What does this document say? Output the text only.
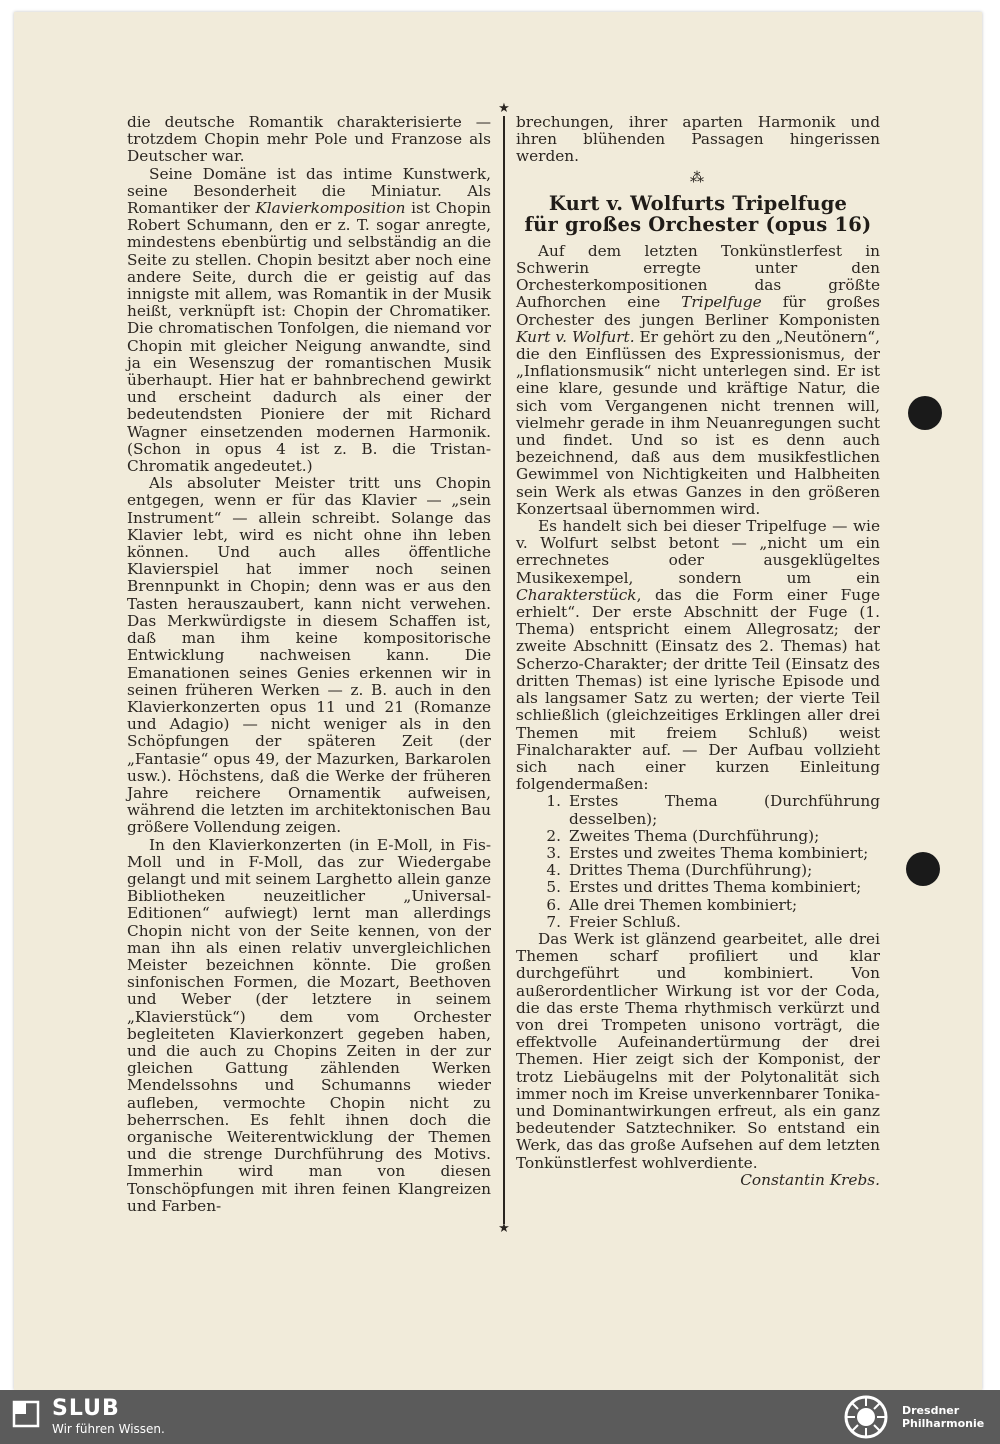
die deutsche Romantik charakterisierte — trotzdem Chopin mehr Pole und Franzose als Deutscher war.

Seine Domäne ist das intime Kunstwerk, seine Besonderheit die Miniatur. Als Romantiker der Klavierkomposition ist Chopin Robert Schumann, den er z. T. sogar anregte, mindestens ebenbürtig und selbständig an die Seite zu stellen. Chopin besitzt aber noch eine andere Seite, durch die er geistig auf das innigste mit allem, was Romantik in der Musik heißt, verknüpft ist: Chopin der Chromatiker. Die chromatischen Tonfolgen, die niemand vor Chopin mit gleicher Neigung anwandte, sind ja ein Wesenszug der romantischen Musik überhaupt. Hier hat er bahnbrechend gewirkt und erscheint dadurch als einer der bedeutendsten Pioniere der mit Richard Wagner einsetzenden modernen Harmonik. (Schon in opus 4 ist z. B. die Tristan-Chromatik angedeutet.)

Als absoluter Meister tritt uns Chopin entgegen, wenn er für das Klavier — „sein Instrument“ — allein schreibt. Solange das Klavier lebt, wird es nicht ohne ihn leben können. Und auch alles öffentliche Klavierspiel hat immer noch seinen Brennpunkt in Chopin; denn was er aus den Tasten herauszaubert, kann nicht verwehen. Das Merkwürdigste in diesem Schaffen ist, daß man ihm keine kompositorische Entwicklung nachweisen kann. Die Emanationen seines Genies erkennen wir in seinen früheren Werken — z. B. auch in den Klavierkonzerten opus 11 und 21 (Romanze und Adagio) — nicht weniger als in den Schöpfungen der späteren Zeit (der „Fantasie“ opus 49, der Mazurken, Barkarolen usw.). Höchstens, daß die Werke der früheren Jahre reichere Ornamentik aufweisen, während die letzten im architektonischen Bau größere Vollendung zeigen.

In den Klavierkonzerten (in E-Moll, in Fis-Moll und in F-Moll, das zur Wiedergabe gelangt und mit seinem Larghetto allein ganze Bibliotheken neuzeitlicher „Universal-Editionen“ aufwiegt) lernt man allerdings Chopin nicht von der Seite kennen, von der man ihn als einen relativ unvergleichlichen Meister bezeichnen könnte. Die großen sinfonischen Formen, die Mozart, Beethoven und Weber (der letztere in seinem „Klavierstück“) dem vom Orchester begleiteten Klavierkonzert gegeben haben, und die auch zu Chopins Zeiten in der zur gleichen Gattung zählenden Werken Mendelssohns und Schumanns wieder aufleben, vermochte Chopin nicht zu beherrschen. Es fehlt ihnen doch die organische Weiterentwicklung der Themen und die strenge Durchführung des Motivs. Immerhin wird man von diesen Tonschöpfungen mit ihren feinen Klangreizen und Farben-

★
★

brechungen, ihrer aparten Harmonik und ihren blühenden Passagen hingerissen werden.

⁂
Kurt v. Wolfurts Tripelfuge
für großes Orchester (opus 16)

Auf dem letzten Tonkünstlerfest in Schwerin erregte unter den Orchesterkompositionen das größte Aufhorchen eine Tripelfuge für großes Orchester des jungen Berliner Komponisten Kurt v. Wolfurt. Er gehört zu den „Neutönern“, die den Einflüssen des Expressionismus, der „Inflationsmusik“ nicht unterlegen sind. Er ist eine klare, gesunde und kräftige Natur, die sich vom Vergangenen nicht trennen will, vielmehr gerade in ihm Neuanregungen sucht und findet. Und so ist es denn auch bezeichnend, daß aus dem musikfestlichen Gewimmel von Nichtigkeiten und Halbheiten sein Werk als etwas Ganzes in den größeren Konzertsaal übernommen wird.

Es handelt sich bei dieser Tripelfuge — wie v. Wolfurt selbst betont — „nicht um ein errechnetes oder ausgeklügeltes Musikexempel, sondern um ein Charakterstück, das die Form einer Fuge erhielt“. Der erste Abschnitt der Fuge (1. Thema) entspricht einem Allegrosatz; der zweite Abschnitt (Einsatz des 2. Themas) hat Scherzo-Charakter; der dritte Teil (Einsatz des dritten Themas) ist eine lyrische Episode und als langsamer Satz zu werten; der vierte Teil schließlich (gleichzeitiges Erklingen aller drei Themen mit freiem Schluß) weist Finalcharakter auf. — Der Aufbau vollzieht sich nach einer kurzen Einleitung folgendermaßen:

1. Erstes Thema (Durchführung desselben);
2. Zweites Thema (Durchführung);
3. Erstes und zweites Thema kombiniert;
4. Drittes Thema (Durchführung);
5. Erstes und drittes Thema kombiniert;
6. Alle drei Themen kombiniert;
7. Freier Schluß.

Das Werk ist glänzend gearbeitet, alle drei Themen scharf profiliert und klar durchgeführt und kombiniert. Von außerordentlicher Wirkung ist vor der Coda, die das erste Thema rhythmisch verkürzt und von drei Trompeten unisono vorträgt, die effektvolle Aufeinandertürmung der drei Themen. Hier zeigt sich der Komponist, der trotz Liebäugelns mit der Polytonalität sich immer noch im Kreise unverkennbarer Tonika- und Dominantwirkungen erfreut, als ein ganz bedeutender Satztechniker. So entstand ein Werk, das das große Aufsehen auf dem letzten Tonkünstlerfest wohlverdiente.

Constantin Krebs.
SLUB
Wir führen Wissen.
Dresdner
Philharmonie
